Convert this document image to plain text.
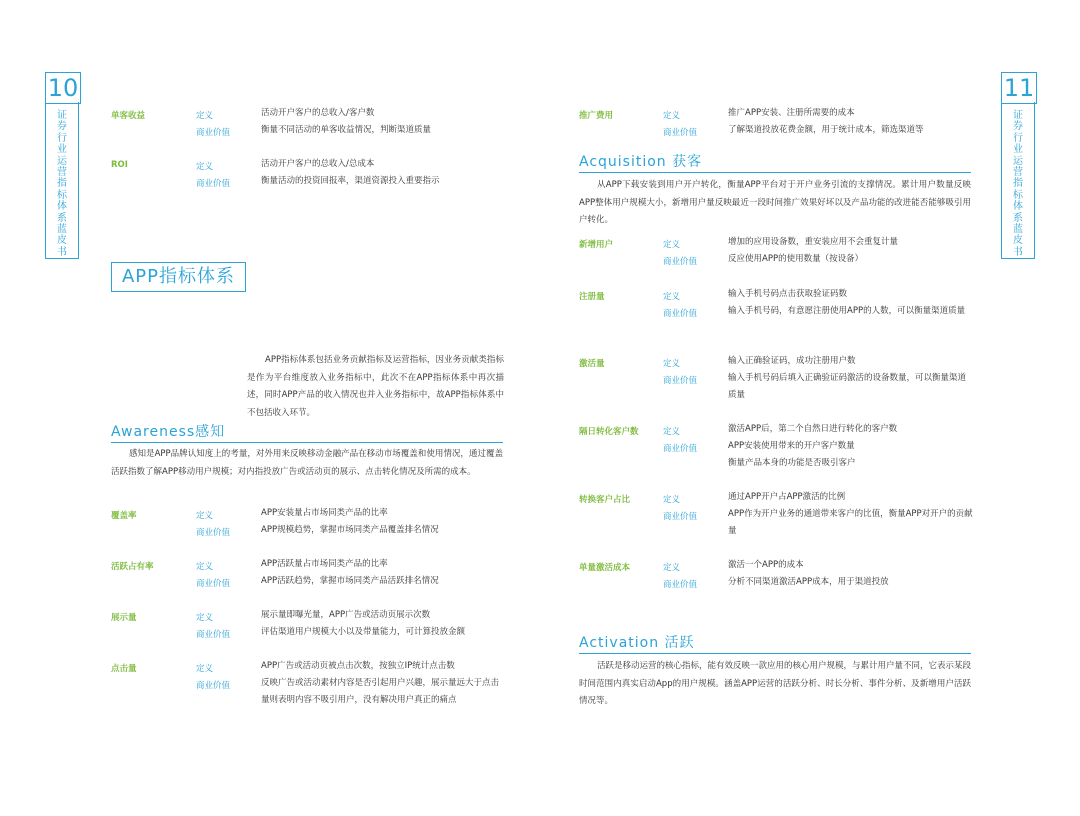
10
证券行业运营指标体系蓝皮书
单客收益	定义	活动开户客户的总收入/客户数
商业价值	衡量不同活动的单客收益情况，判断渠道质量
ROI	定义	活动开户客户的总收入/总成本
商业价值	衡量活动的投资回报率，渠道资源投入重要指示
APP指标体系
APP指标体系包括业务贡献指标及运营指标，因业务贡献类指标是作为平台维度放入业务指标中，此次不在APP指标体系中再次描述，同时APP产品的收入情况也并入业务指标中，故APP指标体系中不包括收入环节。
Awareness感知
感知是APP品牌认知度上的考量，对外用来反映移动金融产品在移动市场覆盖和使用情况，通过覆盖活跃指数了解APP移动用户规模；对内指投放广告或活动页的展示、点击转化情况及所需的成本。
覆盖率	定义	APP安装量占市场同类产品的比率
商业价值	APP规模趋势，掌握市场同类产品覆盖排名情况
活跃占有率	定义	APP活跃量占市场同类产品的比率
商业价值	APP活跃趋势，掌握市场同类产品活跃排名情况
展示量	定义	展示量即曝光量，APP广告或活动页展示次数
商业价值	评估渠道用户规模大小以及带量能力，可计算投放金额
点击量	定义	APP广告或活动页被点击次数，按独立IP统计点击数
商业价值	反映广告或活动素材内容是否引起用户兴趣，展示量远大于点击量则表明内容不吸引用户，没有解决用户真正的痛点
11
证券行业运营指标体系蓝皮书
推广费用	定义	推广APP安装、注册所需要的成本
商业价值	了解渠道投放花费金额，用于统计成本，筛选渠道等
Acquisition 获客
从APP下载安装到用户开户转化，衡量APP平台对于开户业务引流的支撑情况。累计用户数量反映APP整体用户规模大小，新增用户量反映最近一段时间推广效果好坏以及产品功能的改进能否能够吸引用户转化。
新增用户	定义	增加的应用设备数，重安装应用不会重复计量
商业价值	反应使用APP的使用数量（按设备）
注册量	定义	输入手机号码点击获取验证码数
商业价值	输入手机号码，有意愿注册使用APP的人数，可以衡量渠道质量
激活量	定义	输入正确验证码，成功注册用户数
商业价值	输入手机号码后填入正确验证码激活的设备数量，可以衡量渠道质量
隔日转化客户数	定义	激活APP后，第二个自然日进行转化的客户数
商业价值	APP安装使用带来的开户客户数量
衡量产品本身的功能是否吸引客户
转换客户占比	定义	通过APP开户占APP激活的比例
商业价值	APP作为开户业务的通道带来客户的比值，衡量APP对开户的贡献量
单量激活成本	定义	激活一个APP的成本
商业价值	分析不同渠道激活APP成本，用于渠道投放
Activation 活跃
活跃是移动运营的核心指标，能有效反映一款应用的核心用户规模，与累计用户量不同，它表示某段时间范围内真实启动App的用户规模。涵盖APP运营的活跃分析、时长分析、事件分析、及新增用户活跃情况等。
